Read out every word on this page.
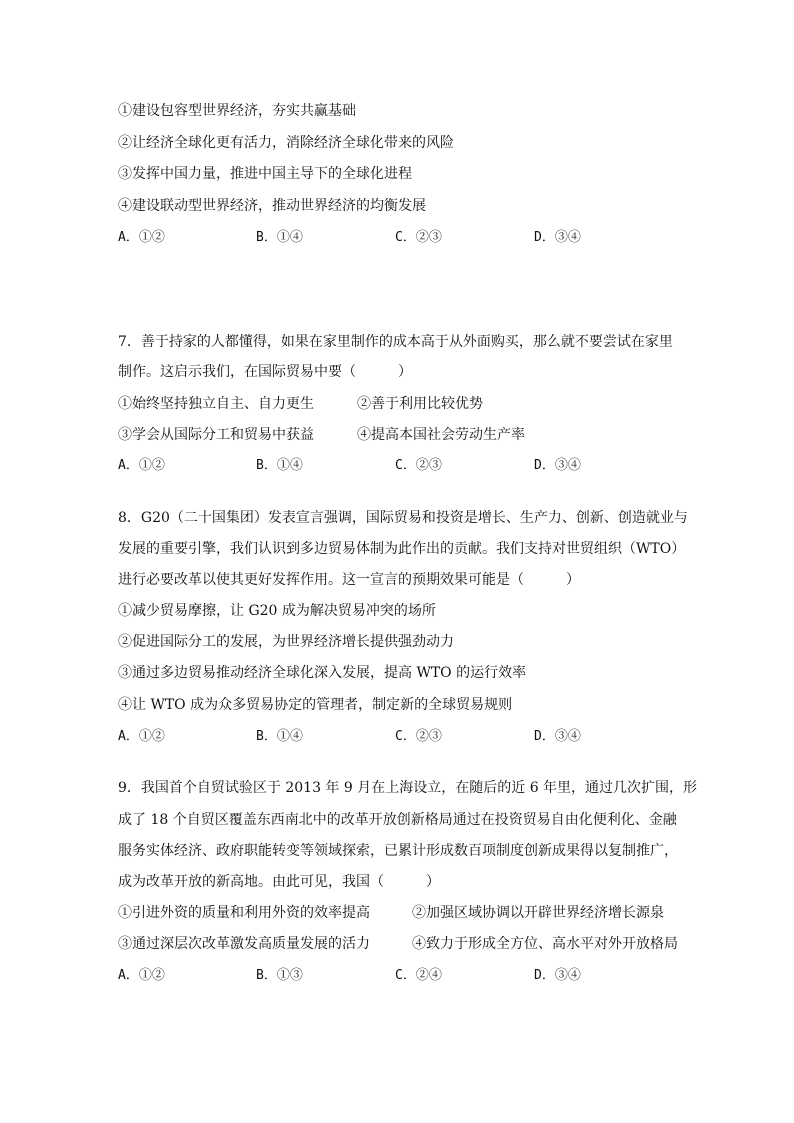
①建设包容型世界经济，夯实共赢基础
②让经济全球化更有活力，消除经济全球化带来的风险
③发挥中国力量，推进中国主导下的全球化进程
④建设联动型世界经济，推动世界经济的均衡发展
A．①②	B．①④	C．②③	D．③④
7．善于持家的人都懂得，如果在家里制作的成本高于从外面购买，那么就不要尝试在家里
制作。这启示我们，在国际贸易中要（　　　）
①始终坚持独立自主、自力更生	②善于利用比较优势
③学会从国际分工和贸易中获益	④提高本国社会劳动生产率
A．①②	B．①④	C．②③	D．③④
8．G20（二十国集团）发表宣言强调，国际贸易和投资是增长、生产力、创新、创造就业与
发展的重要引擎，我们认识到多边贸易体制为此作出的贡献。我们支持对世贸组织（WTO）
进行必要改革以使其更好发挥作用。这一宣言的预期效果可能是（　　　）
①减少贸易摩擦，让 G20 成为解决贸易冲突的场所
②促进国际分工的发展，为世界经济增长提供强劲动力
③通过多边贸易推动经济全球化深入发展，提高 WTO 的运行效率
④让 WTO 成为众多贸易协定的管理者，制定新的全球贸易规则
A．①②	B．①④	C．②③	D．③④
9．我国首个自贸试验区于 2013 年 9 月在上海设立，在随后的近 6 年里，通过几次扩围，形
成了 18 个自贸区覆盖东西南北中的改革开放创新格局通过在投资贸易自由化便利化、金融
服务实体经济、政府职能转变等领域探索，已累计形成数百项制度创新成果得以复制推广，
成为改革开放的新高地。由此可见，我国（　　　）
①引进外资的质量和利用外资的效率提高	②加强区域协调以开辟世界经济增长源泉
③通过深层次改革激发高质量发展的活力	④致力于形成全方位、高水平对外开放格局
A．①②	B．①③	C．②④	D．③④
